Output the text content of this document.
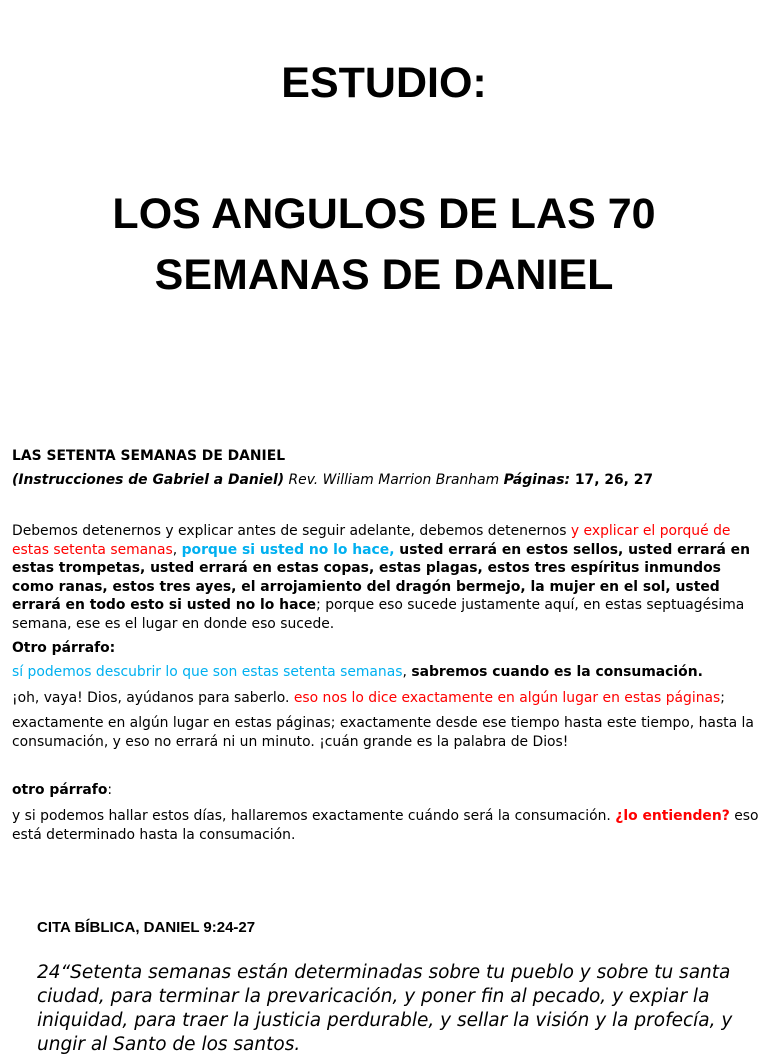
ESTUDIO:
LOS ANGULOS DE LAS 70
SEMANAS DE DANIEL

LAS SETENTA SEMANAS DE DANIEL

(Instrucciones de Gabriel a Daniel) Rev. William Marrion Branham Páginas: 17, 26, 27

Debemos detenernos y explicar antes de seguir adelante, debemos detenernos y explicar el porqué de estas setenta semanas, porque si usted no lo hace, usted errará en estos sellos, usted errará en estas trompetas, usted errará en estas copas, estas plagas, estos tres espíritus inmundos como ranas, estos tres ayes, el arrojamiento del dragón bermejo, la mujer en el sol, usted errará en todo esto si usted no lo hace; porque eso sucede justamente aquí, en estas septuagésima semana, ese es el lugar en donde eso sucede.

Otro párrafo:

sí podemos descubrir lo que son estas setenta semanas, sabremos cuando es la consumación.

¡oh, vaya! Dios, ayúdanos para saberlo. eso nos lo dice exactamente en algún lugar en estas páginas;

exactamente en algún lugar en estas páginas; exactamente desde ese tiempo hasta este tiempo, hasta la consumación, y eso no errará ni un minuto. ¡cuán grande es la palabra de Dios!

otro párrafo:

y si podemos hallar estos días, hallaremos exactamente cuándo será la consumación. ¿lo entienden? eso está determinado hasta la consumación.

CITA BÍBLICA, DANIEL 9:24-27

24“Setenta semanas están determinadas sobre tu pueblo y sobre tu santa ciudad, para terminar la prevaricación, y poner fin al pecado, y expiar la iniquidad, para traer la justicia perdurable, y sellar la visión y la profecía, y ungir al Santo de los santos.
